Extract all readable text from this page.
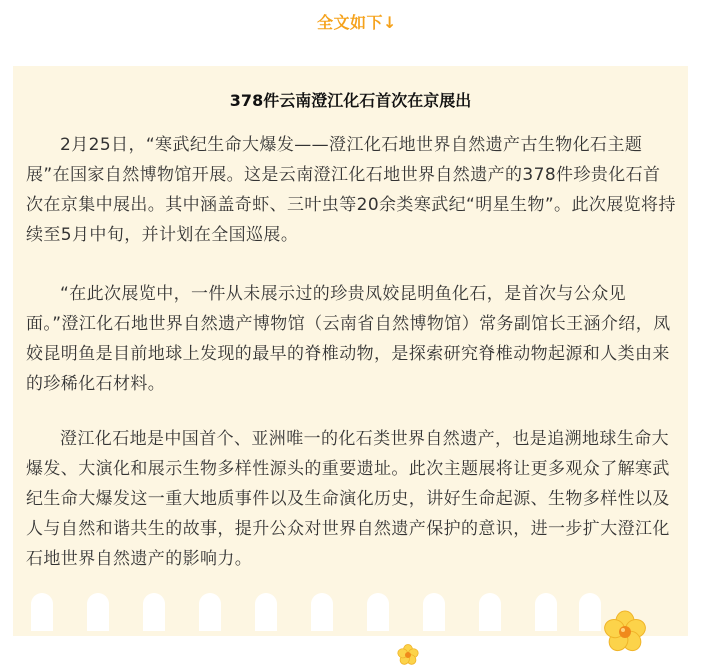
全文如下↓
378件云南澄江化石首次在京展出

2月25日，“寒武纪生命大爆发——澄江化石地世界自然遗产古生物化石主题展”在国家自然博物馆开展。这是云南澄江化石地世界自然遗产的378件珍贵化石首次在京集中展出。其中涵盖奇虾、三叶虫等20余类寒武纪“明星生物”。此次展览将持续至5月中旬，并计划在全国巡展。

“在此次展览中，一件从未展示过的珍贵凤姣昆明鱼化石，是首次与公众见面。”澄江化石地世界自然遗产博物馆（云南省自然博物馆）常务副馆长王涵介绍，凤姣昆明鱼是目前地球上发现的最早的脊椎动物，是探索研究脊椎动物起源和人类由来的珍稀化石材料。

澄江化石地是中国首个、亚洲唯一的化石类世界自然遗产，也是追溯地球生命大爆发、大演化和展示生物多样性源头的重要遗址。此次主题展将让更多观众了解寒武纪生命大爆发这一重大地质事件以及生命演化历史，讲好生命起源、生物多样性以及人与自然和谐共生的故事，提升公众对世界自然遗产保护的意识，进一步扩大澄江化石地世界自然遗产的影响力。
